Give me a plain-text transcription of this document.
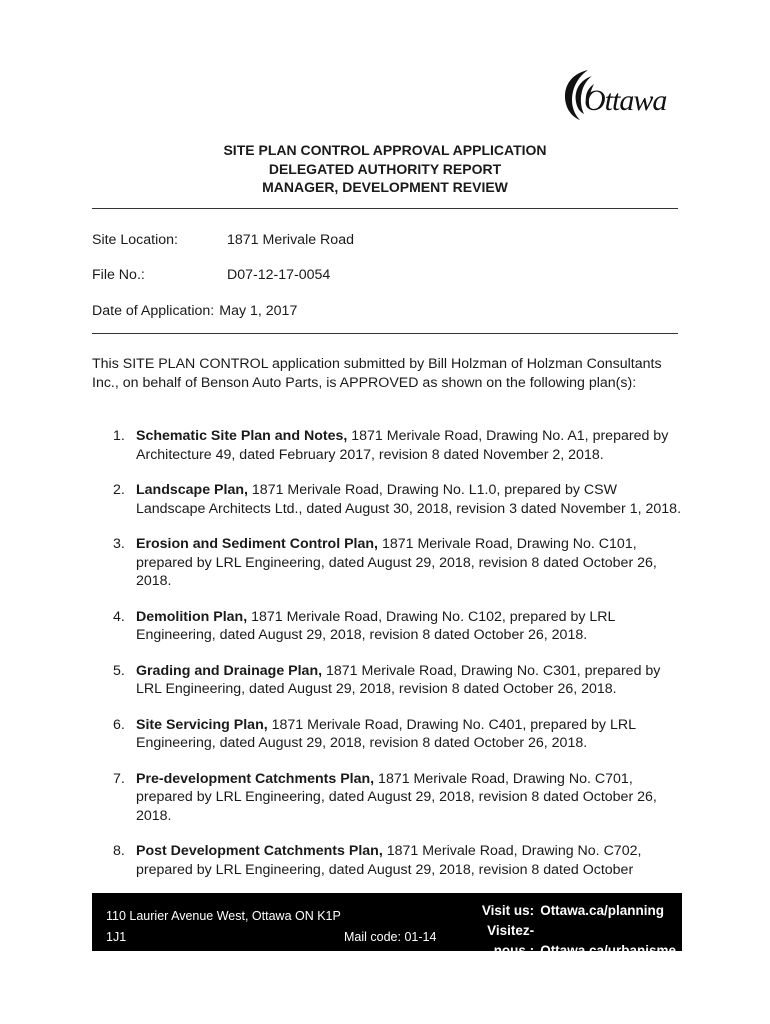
Ottawa
SITE PLAN CONTROL APPROVAL APPLICATION
DELEGATED AUTHORITY REPORT
MANAGER, DEVELOPMENT REVIEW
Site Location:	1871 Merivale Road
File No.:	D07-12-17-0054
Date of Application: May 1, 2017
This SITE PLAN CONTROL application submitted by Bill Holzman of Holzman Consultants Inc., on behalf of Benson Auto Parts, is APPROVED as shown on the following plan(s):
1. Schematic Site Plan and Notes, 1871 Merivale Road, Drawing No. A1, prepared by Architecture 49, dated February 2017, revision 8 dated November 2, 2018.
2. Landscape Plan, 1871 Merivale Road, Drawing No. L1.0, prepared by CSW Landscape Architects Ltd., dated August 30, 2018, revision 3 dated November 1, 2018.
3. Erosion and Sediment Control Plan, 1871 Merivale Road, Drawing No. C101, prepared by LRL Engineering, dated August 29, 2018, revision 8 dated October 26, 2018.
4. Demolition Plan, 1871 Merivale Road, Drawing No. C102, prepared by LRL Engineering, dated August 29, 2018, revision 8 dated October 26, 2018.
5. Grading and Drainage Plan, 1871 Merivale Road, Drawing No. C301, prepared by LRL Engineering, dated August 29, 2018, revision 8 dated October 26, 2018.
6. Site Servicing Plan, 1871 Merivale Road, Drawing No. C401, prepared by LRL Engineering, dated August 29, 2018, revision 8 dated October 26, 2018.
7. Pre-development Catchments Plan, 1871 Merivale Road, Drawing No. C701, prepared by LRL Engineering, dated August 29, 2018, revision 8 dated October 26, 2018.
8. Post Development Catchments Plan, 1871 Merivale Road, Drawing No. C702, prepared by LRL Engineering, dated August 29, 2018, revision 8 dated October
110 Laurier Avenue West, Ottawa ON K1P 1J1	Mail code: 01-14
110, av. Laurier Ouest, Ottawa (Ontario) K1P 1J1	Courrier interne : 01-14
Visit us: Ottawa.ca/planning
Visitez-nous : Ottawa.ca/urbanisme
